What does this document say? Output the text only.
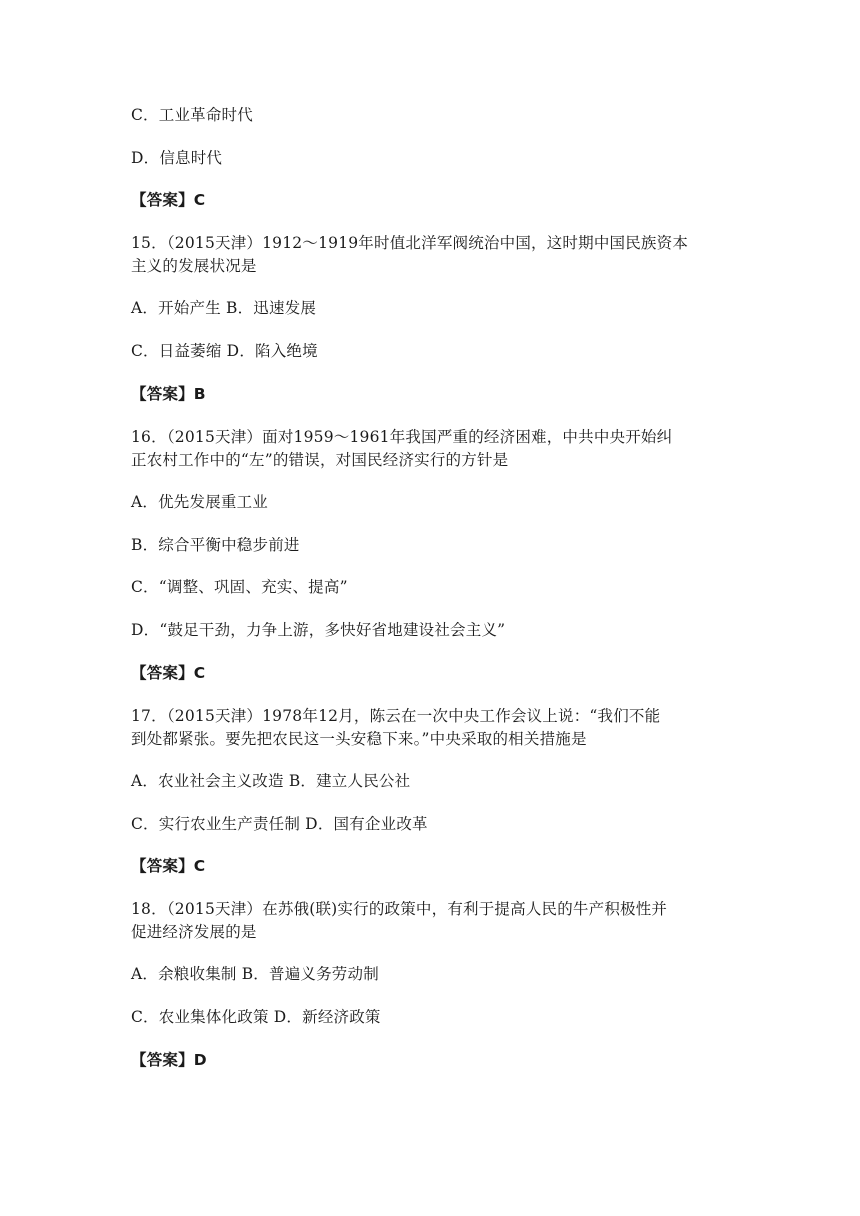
C．工业革命时代
D．信息时代
【答案】C
15．（2015天津）1912～1919年时值北洋军阀统治中国，这时期中国民族资本
主义的发展状况是
A．开始产生 B．迅速发展
C．日益萎缩 D．陷入绝境
【答案】B
16．（2015天津）面对1959～1961年我国严重的经济困难，中共中央开始纠
正农村工作中的“左”的错误，对国民经济实行的方针是
A．优先发展重工业
B．综合平衡中稳步前进
C．“调整、巩固、充实、提高”
D．“鼓足干劲，力争上游，多快好省地建设社会主义”
【答案】C
17．（2015天津）1978年12月，陈云在一次中央工作会议上说：“我们不能
到处都紧张。要先把农民这一头安稳下来。”中央采取的相关措施是
A．农业社会主义改造 B．建立人民公社
C．实行农业生产责任制 D．国有企业改革
【答案】C
18．（2015天津）在苏俄(联)实行的政策中，有利于提高人民的牛产积极性并
促进经济发展的是
A．余粮收集制 B．普遍义务劳动制
C．农业集体化政策 D．新经济政策
【答案】D
